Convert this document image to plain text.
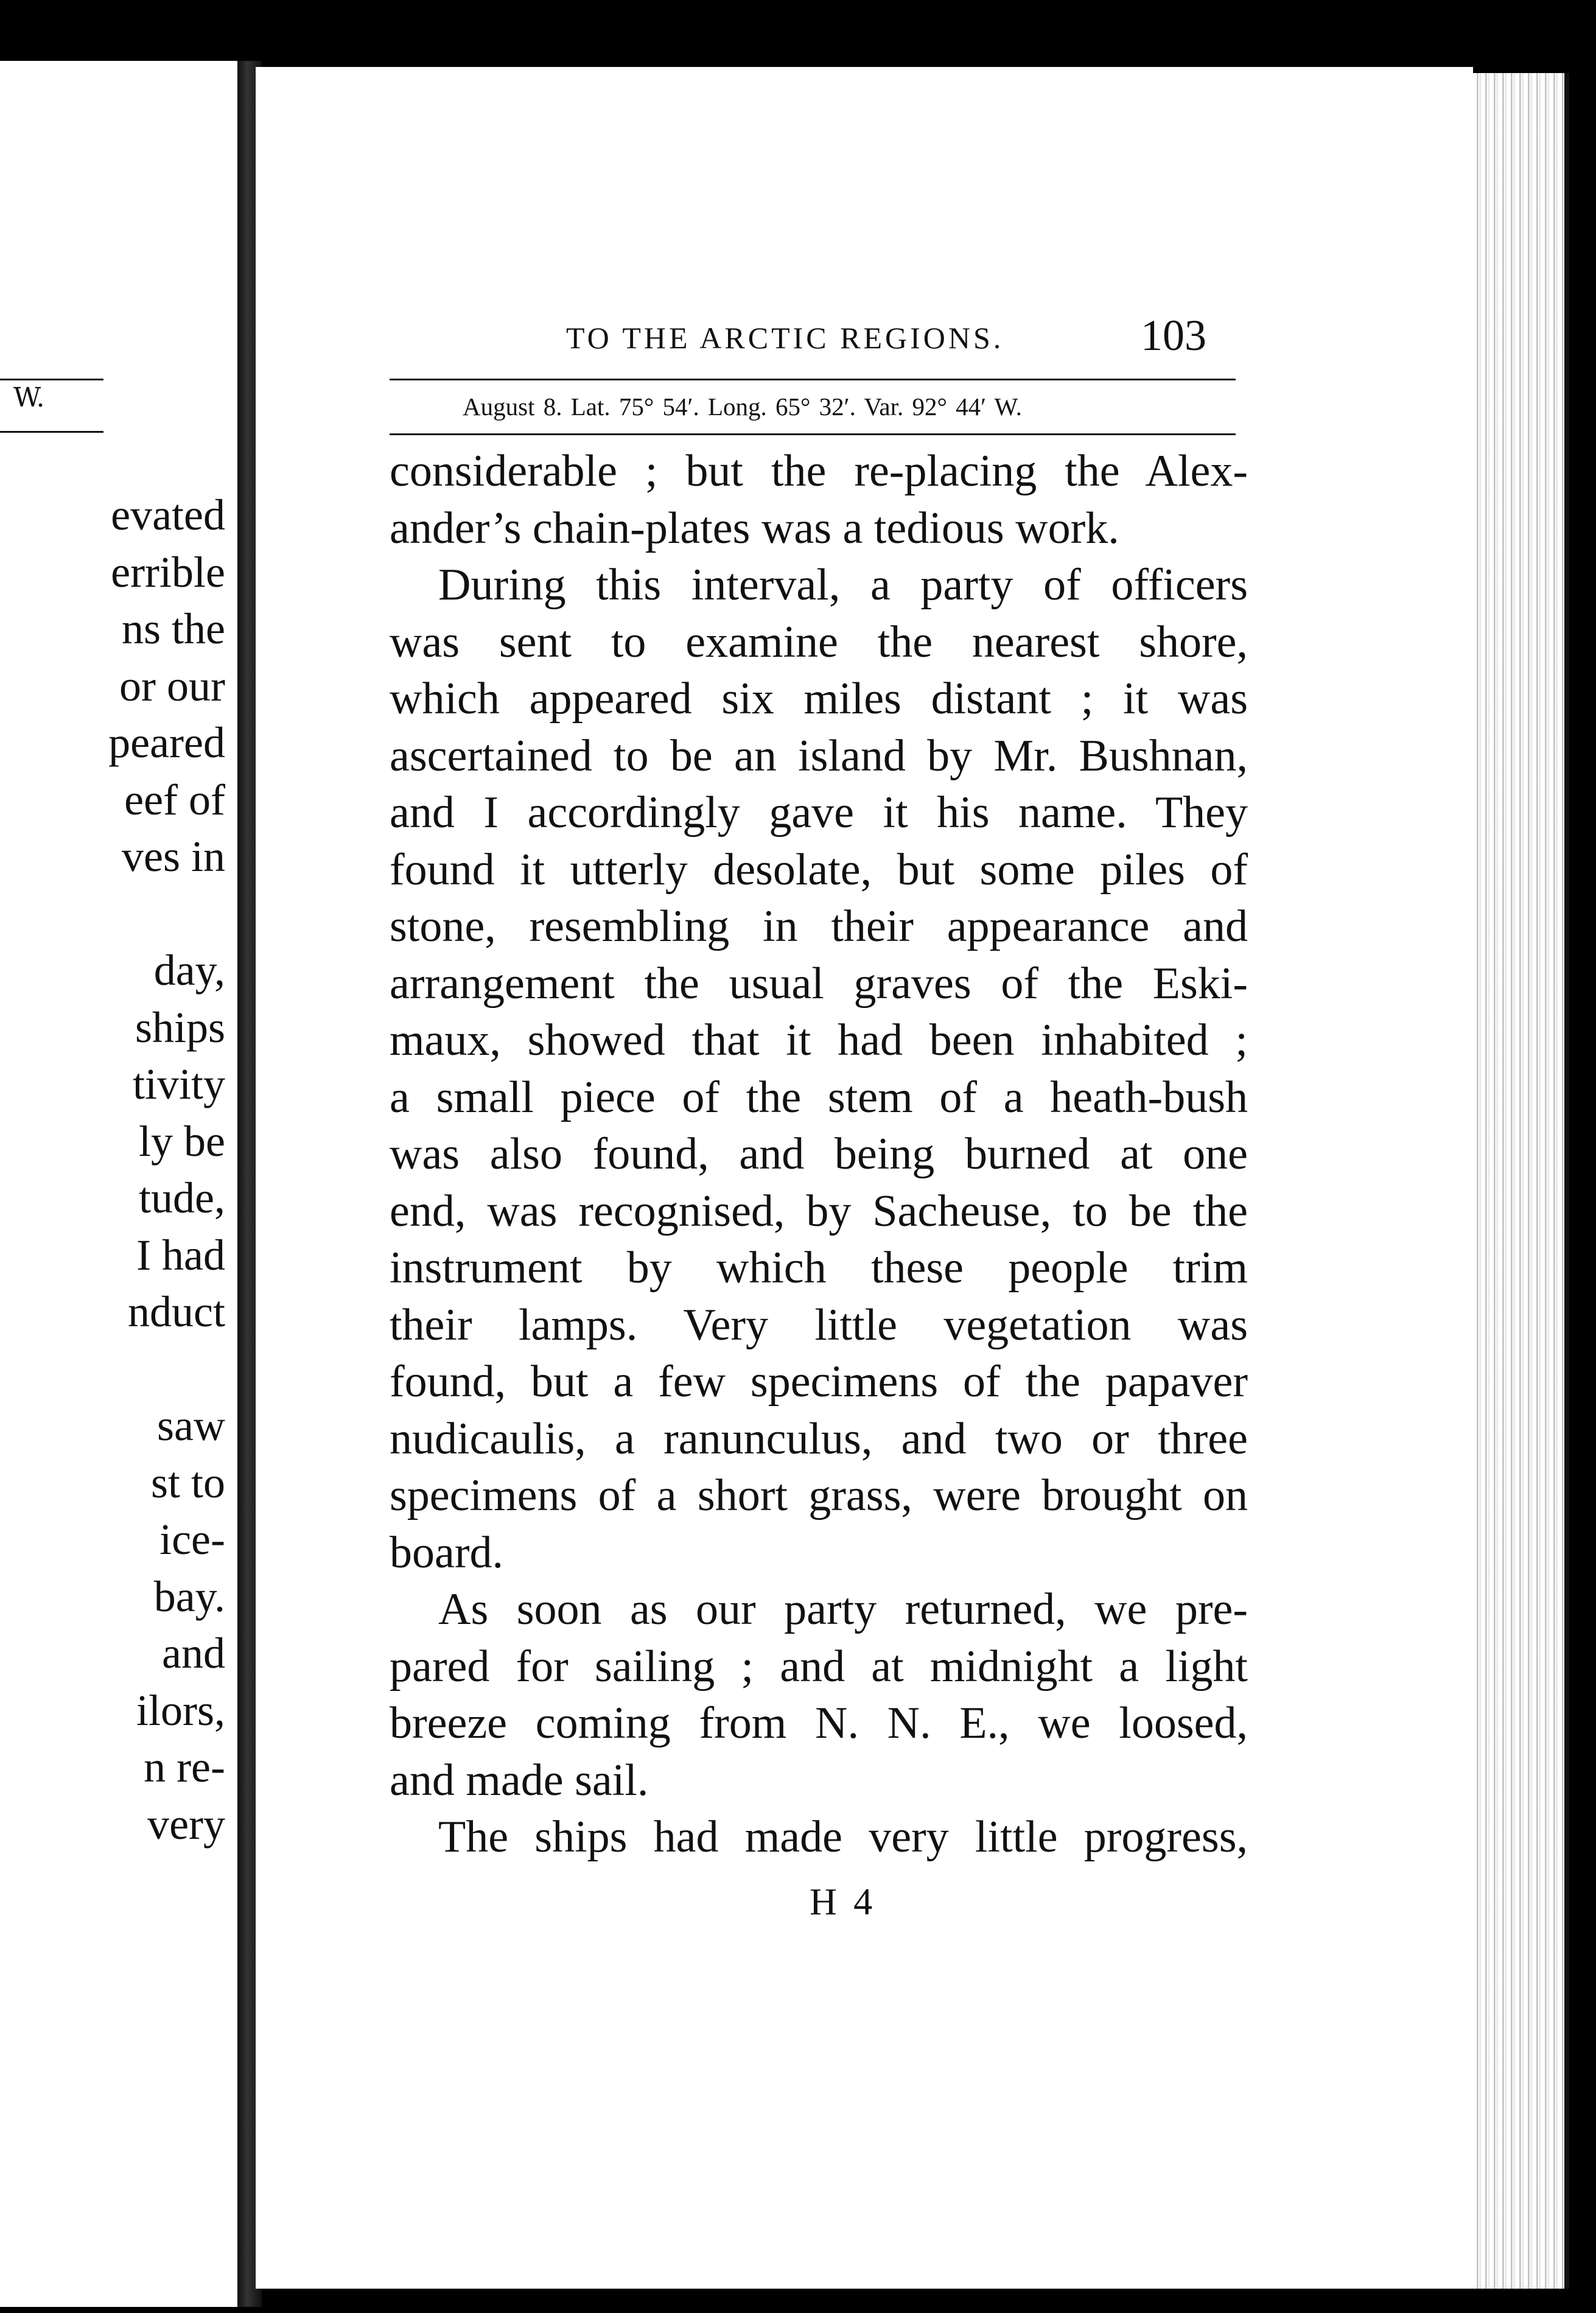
W.
evated
errible
ns the
or our
peared
eef of
ves in
day,
ships
tivity
ly be
tude,
I had
nduct
saw
st to
ice-
bay.
and
ilors,
n re-
very
TO THE ARCTIC REGIONS.	103
August 8. Lat. 75° 54′. Long. 65° 32′. Var. 92° 44′ W.
considerable ; but the re-placing the Alex-
ander’s chain-plates was a tedious work.
During this interval, a party of officers
was sent to examine the nearest shore,
which appeared six miles distant ; it was
ascertained to be an island by Mr. Bushnan,
and I accordingly gave it his name. They
found it utterly desolate, but some piles of
stone, resembling in their appearance and
arrangement the usual graves of the Eski-
maux, showed that it had been inhabited ;
a small piece of the stem of a heath-bush
was also found, and being burned at one
end, was recognised, by Sacheuse, to be the
instrument by which these people trim
their lamps. Very little vegetation was
found, but a few specimens of the papaver
nudicaulis, a ranunculus, and two or three
specimens of a short grass, were brought on
board.
As soon as our party returned, we pre-
pared for sailing ; and at midnight a light
breeze coming from N. N. E., we loosed,
and made sail.
The ships had made very little progress,
H 4
